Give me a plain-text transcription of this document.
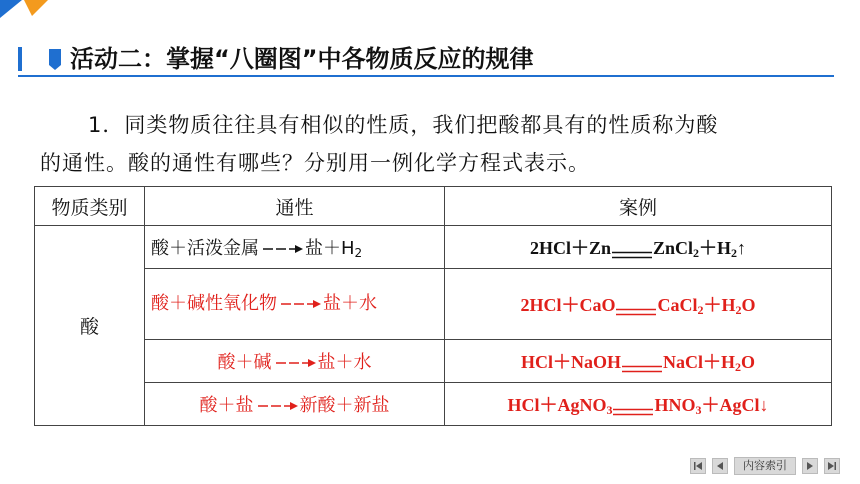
活动二：掌握“八圈图”中各物质反应的规律
1．同类物质往往具有相似的性质，我们把酸都具有的性质称为酸
的通性。酸的通性有哪些？分别用一例化学方程式表示。
物质类别	通性	案例
酸	酸＋活泼金属 → 盐$+H_2$	2HCl＋Zn $ZnCl_2+H_2↑$
	酸＋碱性氧化物 → 盐＋水	2HCl＋CaO $CaCl_2+H_2O$
	酸＋碱 → 盐＋水	HCl＋NaOH $NaCl+H_2O$
	酸＋盐 → 新酸＋新盐	HCl＋AgNO$_3$ $HNO_3+AgCl↓$
内容索引
